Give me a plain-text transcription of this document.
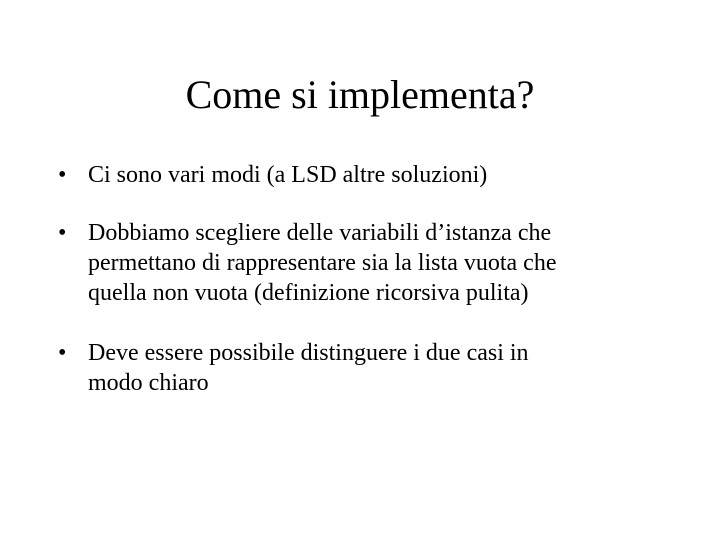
Come si implementa?
• Ci sono vari modi (a LSD altre soluzioni)
• Dobbiamo scegliere delle variabili d’istanza che
permettano di rappresentare sia la lista vuota che
quella non vuota (definizione ricorsiva pulita)
• Deve essere possibile distinguere i due casi in
modo chiaro
